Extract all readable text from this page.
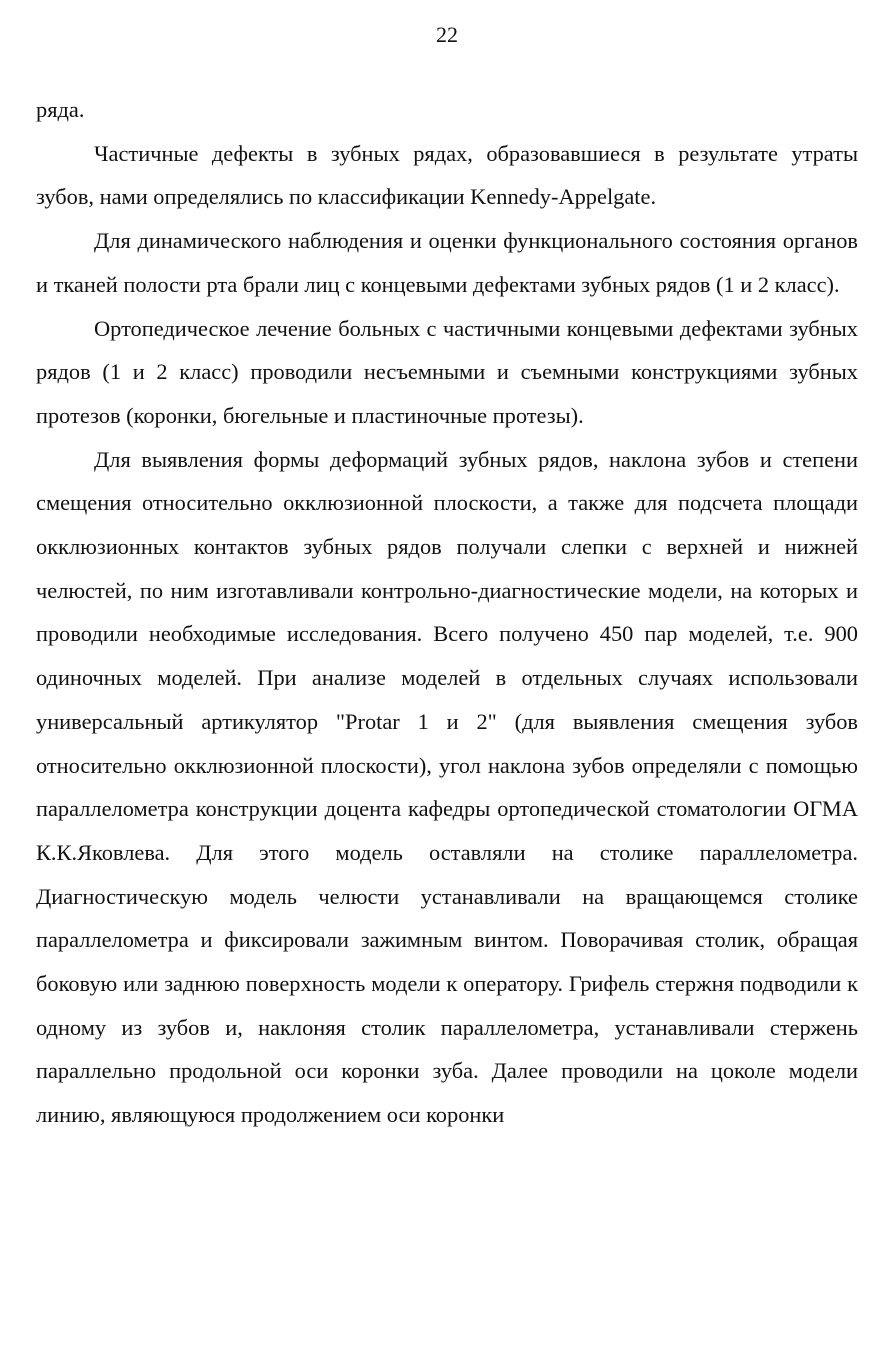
22

ряда.

Частичные дефекты в зубных рядах, образовавшиеся в результате утраты зубов, нами определялись по классификации Kennedy-Appelgate.

Для динамического наблюдения и оценки функционального состояния органов и тканей полости рта брали лиц с концевыми дефектами зубных рядов (1 и 2 класс).

Ортопедическое лечение больных с частичными концевыми дефектами зубных рядов (1 и 2 класс) проводили несъемными и съемными конструкциями зубных протезов (коронки, бюгельные и пластиночные протезы).

Для выявления формы деформаций зубных рядов, наклона зубов и степени смещения относительно окклюзионной плоскости, а также для подсчета площади окклюзионных контактов зубных рядов получали слепки с верхней и нижней челюстей, по ним изготавливали контрольно-диагностические модели, на которых и проводили необходимые исследования. Всего получено 450 пар моделей, т.е. 900 одиночных моделей. При анализе моделей в отдельных случаях использовали универсальный артикулятор "Protar 1 и 2" (для выявления смещения зубов относительно окклюзионной плоскости), угол наклона зубов определяли с помощью параллелометра конструкции доцента кафедры ортопедической стоматологии ОГМА К.К.Яковлева. Для этого модель оставляли на столике параллелометра. Диагностическую модель челюсти устанавливали на вращающемся столике параллелометра и фиксировали зажимным винтом. Поворачивая столик, обращая боковую или заднюю поверхность модели к оператору. Грифель стержня подводили к одному из зубов и, наклоняя столик параллелометра, устанавливали стержень параллельно продольной оси коронки зуба. Далее проводили на цоколе модели линию, являющуюся продолжением оси коронки
